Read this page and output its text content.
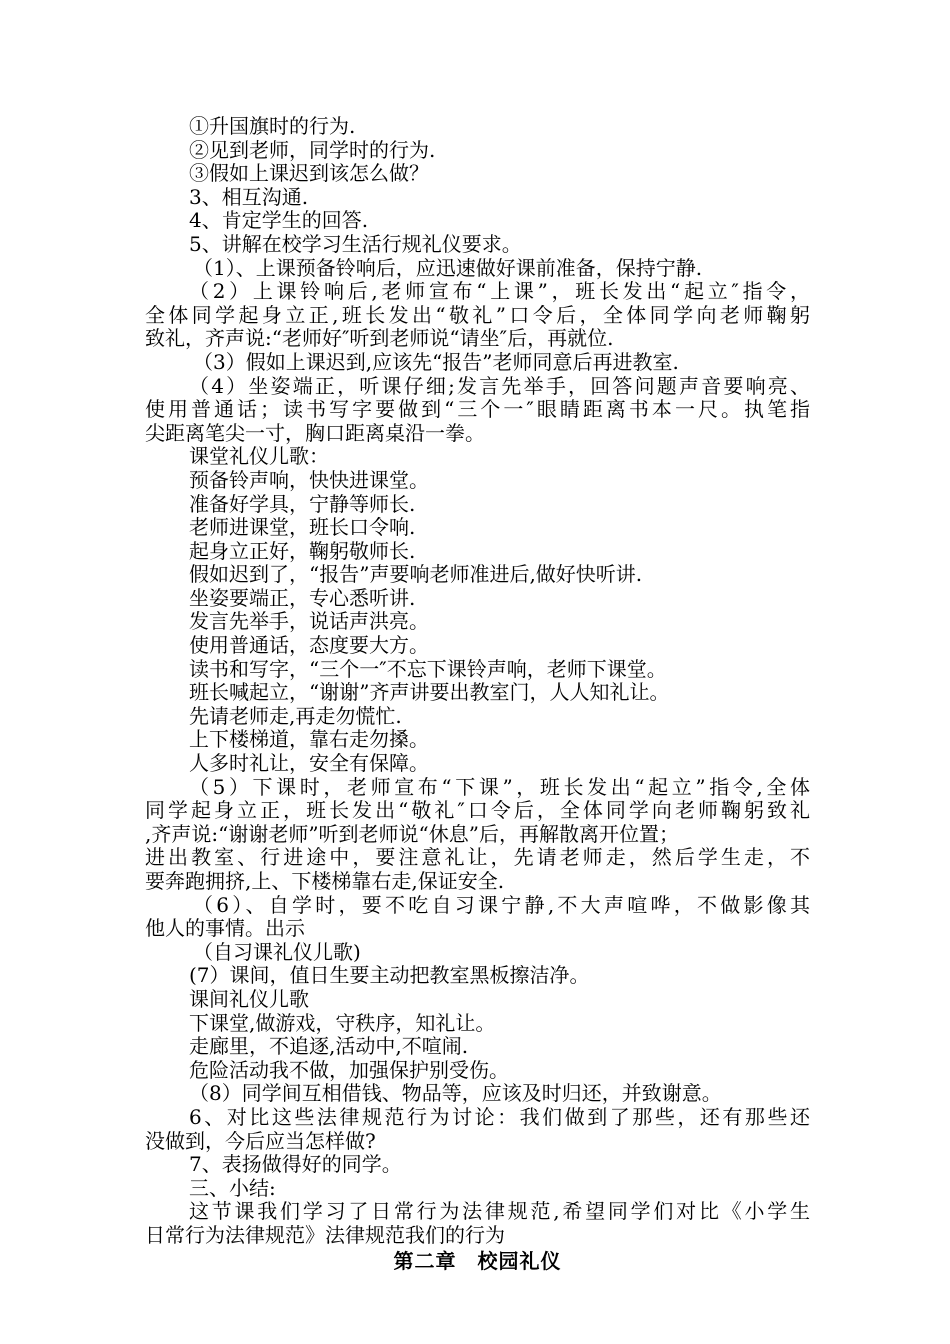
①升国旗时的行为.
②见到老师，同学时的行为.
③假如上课迟到该怎么做？
3、相互沟通.
4、肯定学生的回答.
5、讲解在校学习生活行规礼仪要求。
（1）、上课预备铃响后，应迅速做好课前准备，保持宁静.
（2）上课铃响后,老师宣布“上课”，班长发出“起立″指令，
全体同学起身立正,班长发出“敬礼”口令后，全体同学向老师鞠躬
致礼，齐声说:“老师好″听到老师说“请坐″后，再就位.
（3）假如上课迟到,应该先“报告”老师同意后再进教室.
（4）坐姿端正，听课仔细;发言先举手，回答问题声音要响亮、
使用普通话；读书写字要做到“三个一″眼睛距离书本一尺。执笔指
尖距离笔尖一寸，胸口距离桌沿一拳。
课堂礼仪儿歌：
预备铃声响，快快进课堂。
准备好学具，宁静等师长.
老师进课堂，班长口令响.
起身立正好，鞠躬敬师长.
假如迟到了，“报告”声要响老师准进后,做好快听讲.
坐姿要端正，专心悉听讲.
发言先举手，说话声洪亮。
使用普通话，态度要大方。
读书和写字，“三个一″不忘下课铃声响，老师下课堂。
班长喊起立，“谢谢”齐声讲要出教室门，人人知礼让。
先请老师走,再走勿慌忙.
上下楼梯道，靠右走勿搡。
人多时礼让，安全有保障。
（5）下课时，老师宣布“下课”，班长发出“起立”指令,全体
同学起身立正，班长发出“敬礼″口令后，全体同学向老师鞠躬致礼
,齐声说:“谢谢老师”听到老师说“休息”后，再解散离开位置；
进出教室、行进途中，要注意礼让，先请老师走，然后学生走，不
要奔跑拥挤,上、下楼梯靠右走,保证安全.
（6）、自学时，要不吃自习课宁静,不大声喧哗，不做影像其
他人的事情。出示
（自习课礼仪儿歌)
(7）课间，值日生要主动把教室黑板擦洁净。
课间礼仪儿歌
下课堂,做游戏，守秩序，知礼让。
走廊里，不追逐,活动中,不喧闹.
危险活动我不做，加强保护别受伤。
（8）同学间互相借钱、物品等，应该及时归还，并致谢意。
6、对比这些法律规范行为讨论：我们做到了那些，还有那些还
没做到，今后应当怎样做?
7、表扬做得好的同学。
三、小结:
这节课我们学习了日常行为法律规范,希望同学们对比《小学生
日常行为法律规范》法律规范我们的行为
第二章　校园礼仪
